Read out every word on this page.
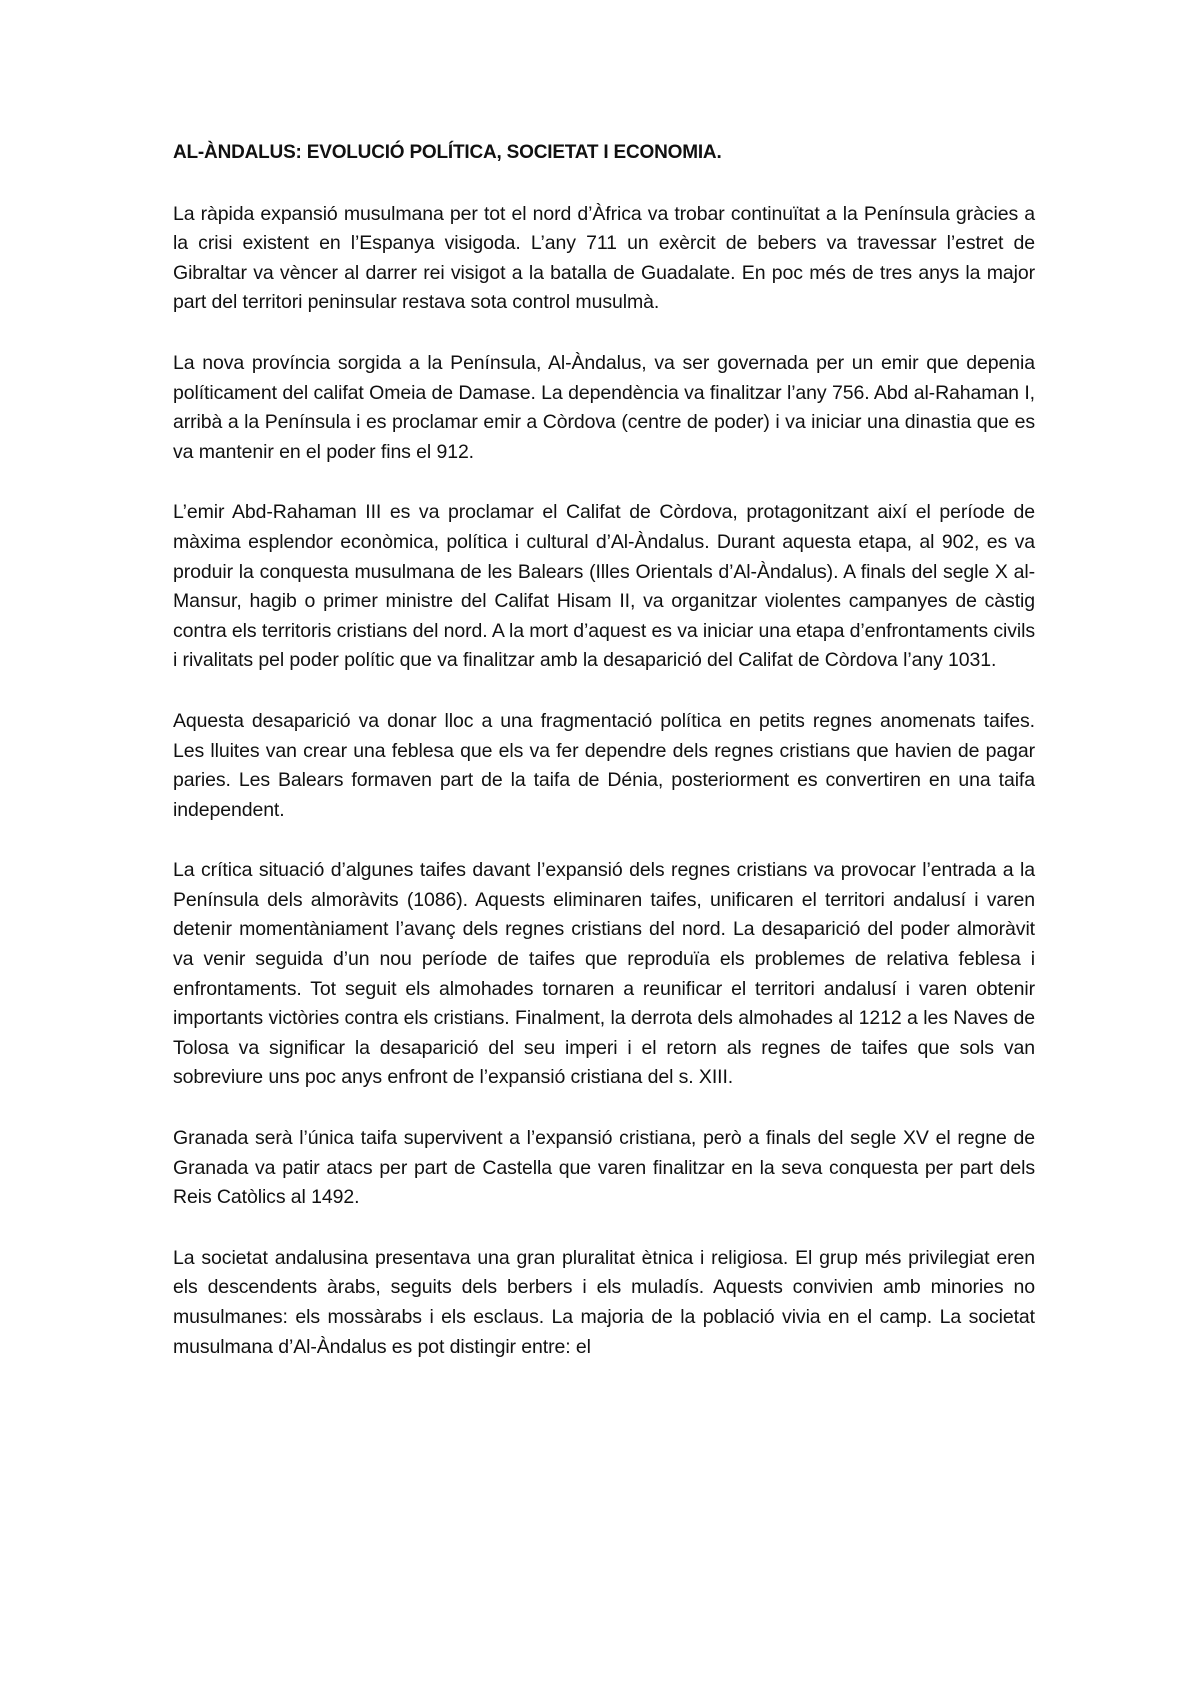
AL-ÀNDALUS: EVOLUCIÓ POLÍTICA, SOCIETAT I ECONOMIA.

La ràpida expansió musulmana per tot el nord d’Àfrica va trobar continuïtat a la Península gràcies a la crisi existent en l’Espanya visigoda. L’any 711 un exèrcit de bebers va travessar l’estret de Gibraltar va vèncer al darrer rei visigot a la batalla de Guadalate. En poc més de tres anys la major part del territori peninsular restava sota control musulmà.

La nova província sorgida a la Península, Al-Àndalus, va ser governada per un emir que depenia políticament del califat Omeia de Damase. La dependència va finalitzar l’any 756. Abd al-Rahaman I, arribà a la Península i es proclamar emir a Còrdova (centre de poder) i va iniciar una dinastia que es va mantenir en el poder fins el 912.

L’emir Abd-Rahaman III es va proclamar el Califat de Còrdova, protagonitzant així el període de màxima esplendor econòmica, política i cultural d’Al-Àndalus. Durant aquesta etapa, al 902, es va produir la conquesta musulmana de les Balears (Illes Orientals d’Al-Àndalus). A finals del segle X al-Mansur, hagib o primer ministre del Califat Hisam II, va organitzar violentes campanyes de càstig contra els territoris cristians del nord. A la mort d’aquest es va iniciar una etapa d’enfrontaments civils i rivalitats pel poder polític que va finalitzar amb la desaparició del Califat de Còrdova l’any 1031.

Aquesta desaparició va donar lloc a una fragmentació política en petits regnes anomenats taifes. Les lluites van crear una feblesa que els va fer dependre dels regnes cristians que havien de pagar paries. Les Balears formaven part de la taifa de Dénia, posteriorment es convertiren en una taifa independent.

La crítica situació d’algunes taifes davant l’expansió dels regnes cristians va provocar l’entrada a la Península dels almoràvits (1086). Aquests eliminaren taifes, unificaren el territori andalusí i varen detenir momentàniament l’avanç dels regnes cristians del nord. La desaparició del poder almoràvit va venir seguida d’un nou període de taifes que reproduïa els problemes de relativa feblesa i enfrontaments. Tot seguit els almohades tornaren a reunificar el territori andalusí i varen obtenir importants victòries contra els cristians. Finalment, la derrota dels almohades al 1212 a les Naves de Tolosa va significar la desaparició del seu imperi i el retorn als regnes de taifes que sols van sobreviure uns poc anys enfront de l’expansió cristiana del s. XIII.

Granada serà l’única taifa supervivent a l’expansió cristiana, però a finals del segle XV el regne de Granada va patir atacs per part de Castella que varen finalitzar en la seva conquesta per part dels Reis Catòlics al 1492.

La societat andalusina presentava una gran pluralitat ètnica i religiosa. El grup més privilegiat eren els descendents àrabs, seguits dels berbers i els muladís. Aquests convivien amb minories no musulmanes: els mossàrabs i els esclaus. La majoria de la població vivia en el camp. La societat musulmana d’Al-Àndalus es pot distingir entre: el
